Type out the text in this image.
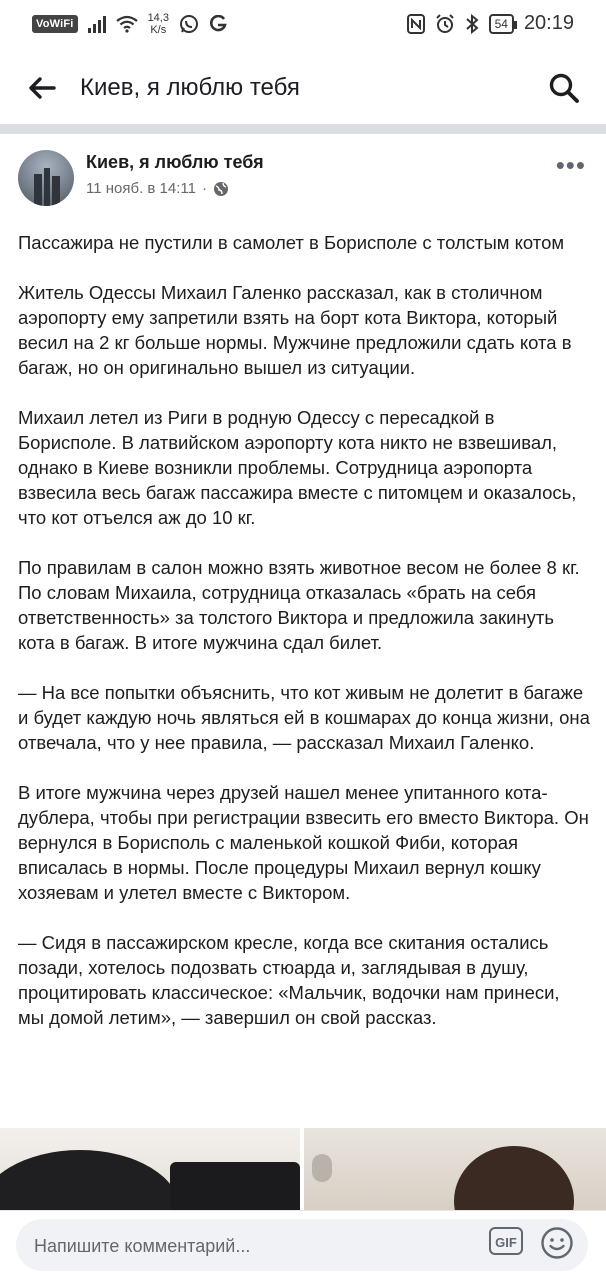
VoWiFi	14,3
K/s	54 20:19
Киев, я люблю тебя
Киев, я люблю тебя
11 нояб. в 14:11 ·
•••

Пассажира не пустили в самолет в Борисполе с толстым котом

Житель Одессы Михаил Галенко рассказал, как в столичном аэропорту ему запретили взять на борт кота Виктора, который весил на 2 кг больше нормы. Мужчине предложили сдать кота в багаж, но он оригинально вышел из ситуации.

Михаил летел из Риги в родную Одессу с пересадкой в Борисполе. В латвийском аэропорту кота никто не взвешивал, однако в Киеве возникли проблемы. Сотрудница аэропорта взвесила весь багаж пассажира вместе с питомцем и оказалось, что кот отъелся аж до 10 кг.

По правилам в салон можно взять животное весом не более 8 кг. По словам Михаила, сотрудница отказалась «брать на себя ответственность» за толстого Виктора и предложила закинуть кота в багаж. В итоге мужчина сдал билет.

— На все попытки объяснить, что кот живым не долетит в багаже и будет каждую ночь являться ей в кошмарах до конца жизни, она отвечала, что у нее правила, — рассказал Михаил Галенко.

В итоге мужчина через друзей нашел менее упитанного кота-дублера, чтобы при регистрации взвесить его вместо Виктора. Он вернулся в Борисполь с маленькой кошкой Фиби, которая вписалась в нормы. После процедуры Михаил вернул кошку хозяевам и улетел вместе с Виктором.

— Сидя в пассажирском кресле, когда все скитания остались позади, хотелось подозвать стюарда и, заглядывая в душу, процитировать классическое: «Мальчик, водочки нам принеси, мы домой летим», — завершил он свой рассказ.

Напишите комментарий...	GIF
